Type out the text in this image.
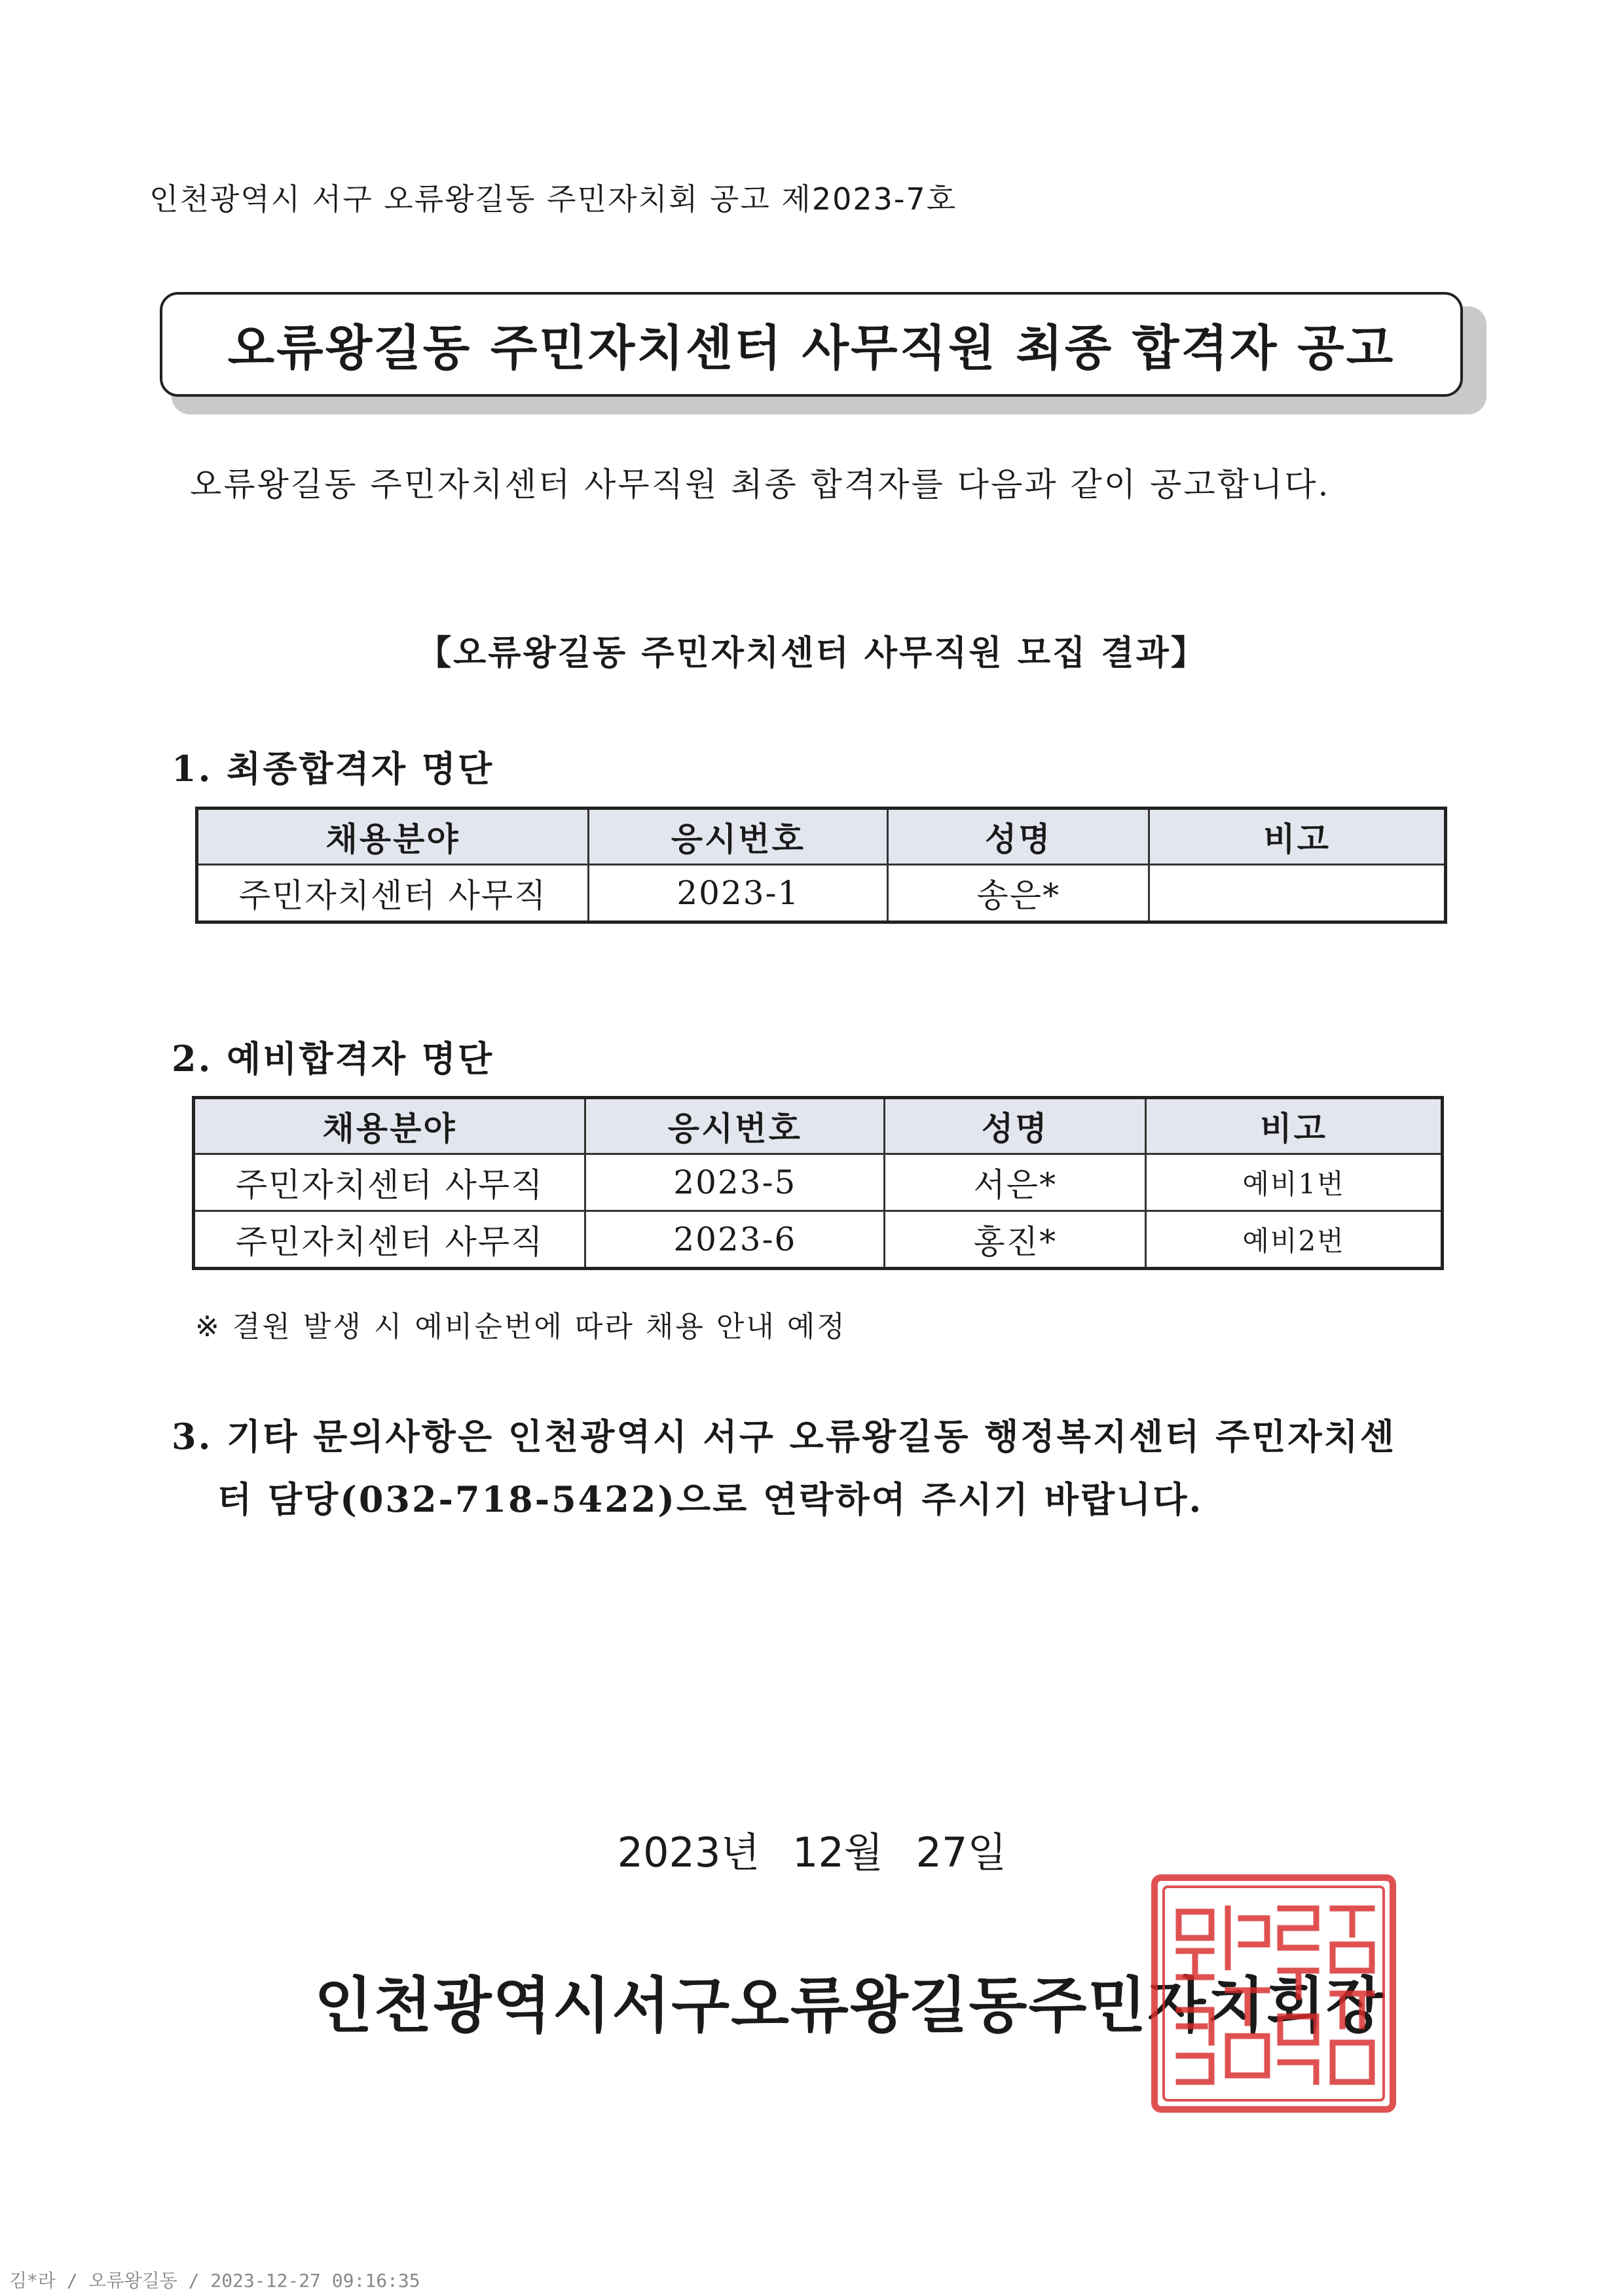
인천광역시 서구 오류왕길동 주민자치회 공고 제2023-7호
오류왕길동 주민자치센터 사무직원 최종 합격자 공고
오류왕길동 주민자치센터 사무직원 최종 합격자를 다음과 같이 공고합니다.
【오류왕길동 주민자치센터 사무직원 모집 결과】
1. 최종합격자 명단
채용분야	응시번호	성명	비고
주민자치센터 사무직	2023-1	송은*	
2. 예비합격자 명단
채용분야	응시번호	성명	비고
주민자치센터 사무직	2023-5	서은*	예비1번
주민자치센터 사무직	2023-6	홍진*	예비2번
※ 결원 발생 시 예비순번에 따라 채용 안내 예정
3. 기타 문의사항은 인천광역시 서구 오류왕길동 행정복지센터 주민자치센
터 담당(032-718-5422)으로 연락하여 주시기 바랍니다.
2023년 12월 27일
인천광역시서구오류왕길동주민자치회장
김*라 / 오류왕길동 / 2023-12-27 09:16:35
